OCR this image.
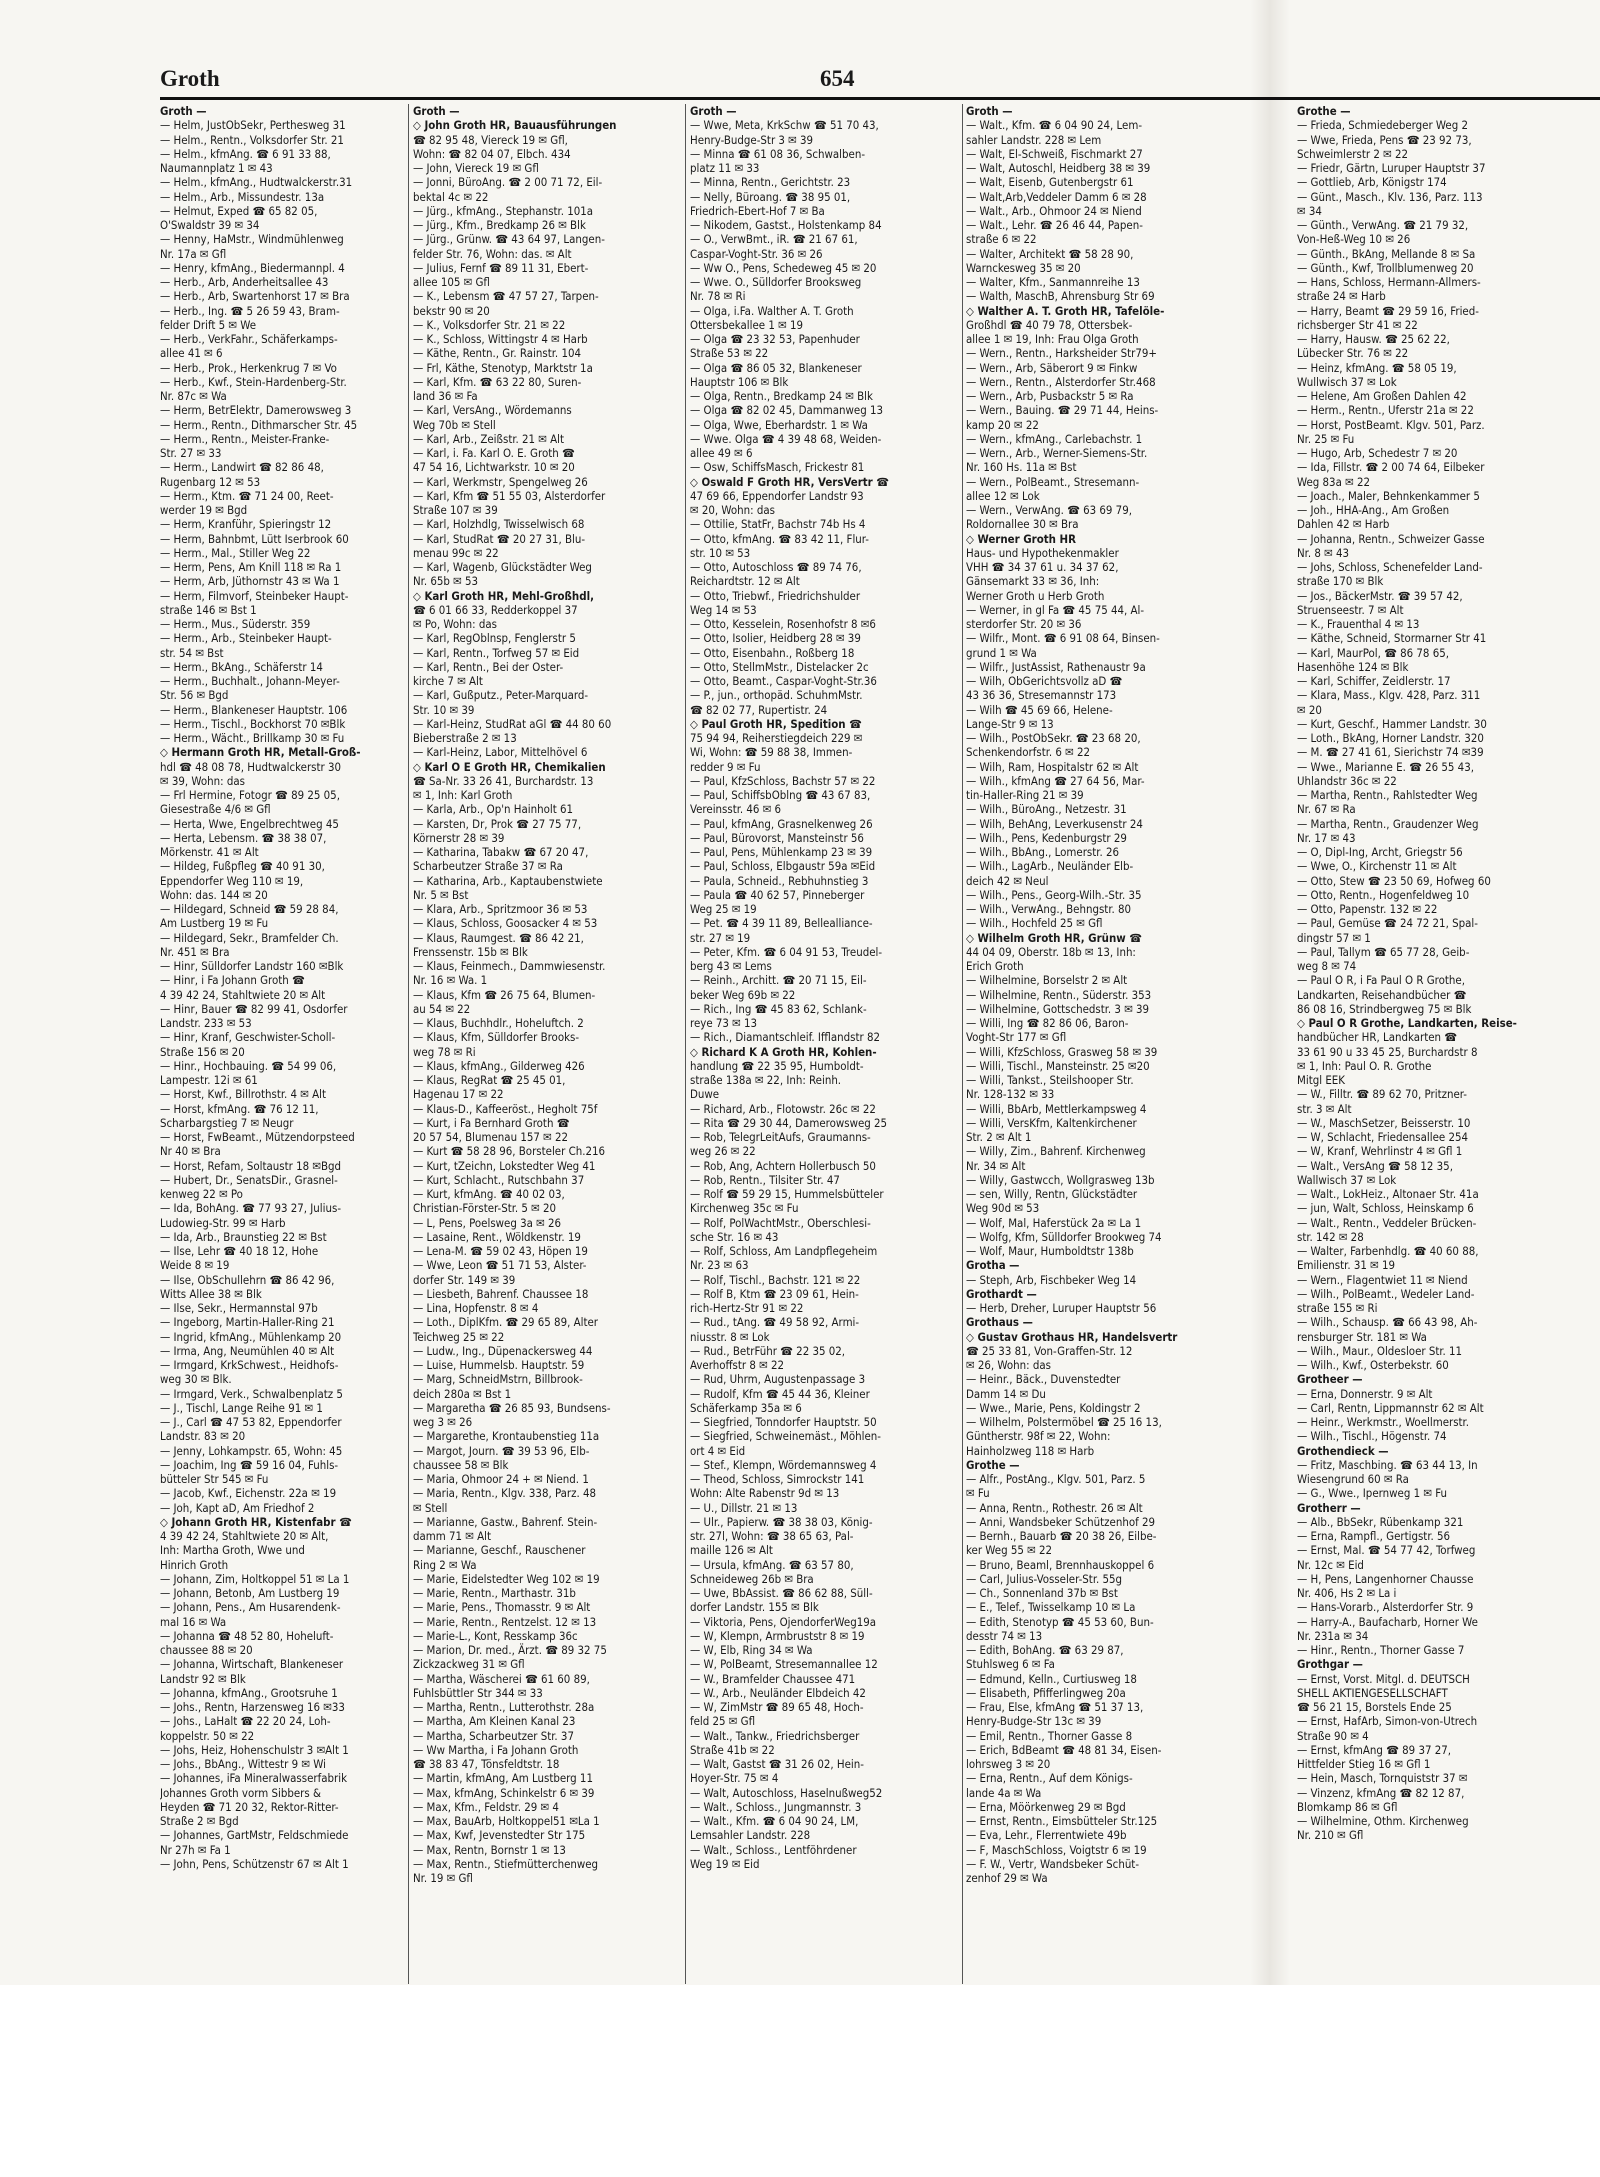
Groth	654
Groth —
— Helm, JustObSekr, Perthesweg 31
— Helm., Rentn., Volksdorfer Str. 21
— Helm., kfmAng. ☎ 6 91 33 88,
Naumannplatz 1 ✉ 43
— Helm., kfmAng., Hudtwalckerstr.31
— Helm., Arb., Missundestr. 13a
— Helmut, Exped ☎ 65 82 05,
O'Swaldstr 39 ✉ 34
— Henny, HaMstr., Windmühlenweg
Nr. 17a ✉ Gfl
— Henry, kfmAng., Biedermannpl. 4
— Herb., Arb, Anderheitsallee 43
— Herb., Arb, Swartenhorst 17 ✉ Bra
— Herb., Ing. ☎ 5 26 59 43, Bram-
felder Drift 5 ✉ We
— Herb., VerkFahr., Schäferkamps-
allee 41 ✉ 6
— Herb., Prok., Herkenkrug 7 ✉ Vo
— Herb., Kwf., Stein-Hardenberg-Str.
Nr. 87c ✉ Wa
— Herm, BetrElektr, Damerowsweg 3
— Herm., Rentn., Dithmarscher Str. 45
— Herm., Rentn., Meister-Franke-
Str. 27 ✉ 33
— Herm., Landwirt ☎ 82 86 48,
Rugenbarg 12 ✉ 53
— Herm., Ktm. ☎ 71 24 00, Reet-
werder 19 ✉ Bgd
— Herm, Kranführ, Spieringstr 12
— Herm, Bahnbmt, Lütt Iserbrook 60
— Herm., Mal., Stiller Weg 22
— Herm, Pens, Am Knill 118 ✉ Ra 1
— Herm, Arb, Jüthornstr 43 ✉ Wa 1
— Herm, Filmvorf, Steinbeker Haupt-
straße 146 ✉ Bst 1
— Herm., Mus., Süderstr. 359
— Herm., Arb., Steinbeker Haupt-
str. 54 ✉ Bst
— Herm., BkAng., Schäferstr 14
— Herm., Buchhalt., Johann-Meyer-
Str. 56 ✉ Bgd
— Herm., Blankeneser Hauptstr. 106
— Herm., Tischl., Bockhorst 70 ✉Blk
— Herm., Wächt., Brillkamp 30 ✉ Fu
◇ Hermann Groth HR, Metall-Groß-
hdl ☎ 48 08 78, Hudtwalckerstr 30
✉ 39, Wohn: das
— Frl Hermine, Fotogr ☎ 89 25 05,
Giesestraße 4/6 ✉ Gfl
— Herta, Wwe, Engelbrechtweg 45
— Herta, Lebensm. ☎ 38 38 07,
Mörkenstr. 41 ✉ Alt
— Hildeg, Fußpfleg ☎ 40 91 30,
Eppendorfer Weg 110 ✉ 19,
Wohn: das. 144 ✉ 20
— Hildegard, Schneid ☎ 59 28 84,
Am Lustberg 19 ✉ Fu
— Hildegard, Sekr., Bramfelder Ch.
Nr. 451 ✉ Bra
— Hinr, Sülldorfer Landstr 160 ✉Blk
— Hinr, i Fa Johann Groth ☎
4 39 42 24, Stahltwiete 20 ✉ Alt
— Hinr, Bauer ☎ 82 99 41, Osdorfer
Landstr. 233 ✉ 53
— Hinr, Kranf, Geschwister-Scholl-
Straße 156 ✉ 20
— Hinr., Hochbauing. ☎ 54 99 06,
Lampestr. 12i ✉ 61
— Horst, Kwf., Billrothstr. 4 ✉ Alt
— Horst, kfmAng. ☎ 76 12 11,
Scharbargstieg 7 ✉ Neugr
— Horst, FwBeamt., Mützendorpsteed
Nr 40 ✉ Bra
— Horst, Refam, Soltaustr 18 ✉Bgd
— Hubert, Dr., SenatsDir., Grasnel-
kenweg 22 ✉ Po
— Ida, BohAng. ☎ 77 93 27, Julius-
Ludowieg-Str. 99 ✉ Harb
— Ida, Arb., Braunstieg 22 ✉ Bst
— Ilse, Lehr ☎ 40 18 12, Hohe
Weide 8 ✉ 19
— Ilse, ObSchullehrn ☎ 86 42 96,
Witts Allee 38 ✉ Blk
— Ilse, Sekr., Hermannstal 97b
— Ingeborg, Martin-Haller-Ring 21
— Ingrid, kfmAng., Mühlenkamp 20
— Irma, Ang, Neumühlen 40 ✉ Alt
— Irmgard, KrkSchwest., Heidhofs-
weg 30 ✉ Blk.
— Irmgard, Verk., Schwalbenplatz 5
— J., Tischl, Lange Reihe 91 ✉ 1
— J., Carl ☎ 47 53 82, Eppendorfer
Landstr. 83 ✉ 20
— Jenny, Lohkampstr. 65, Wohn: 45
— Joachim, Ing ☎ 59 16 04, Fuhls-
bütteler Str 545 ✉ Fu
— Jacob, Kwf., Eichenstr. 22a ✉ 19
— Joh, Kapt aD, Am Friedhof 2
◇ Johann Groth HR, Kistenfabr ☎
4 39 42 24, Stahltwiete 20 ✉ Alt,
Inh: Martha Groth, Wwe und
Hinrich Groth
— Johann, Zim, Holtkoppel 51 ✉ La 1
— Johann, Betonb, Am Lustberg 19
— Johann, Pens., Am Husarendenk-
mal 16 ✉ Wa
— Johanna ☎ 48 52 80, Hoheluft-
chaussee 88 ✉ 20
— Johanna, Wirtschaft, Blankeneser
Landstr 92 ✉ Blk
— Johanna, kfmAng., Grootsruhe 1
— Johs., Rentn, Harzensweg 16 ✉33
— Johs., LaHalt ☎ 22 20 24, Loh-
koppelstr. 50 ✉ 22
— Johs, Heiz, Hohenschulstr 3 ✉Alt 1
— Johs., BbAng., Wittestr 9 ✉ Wi
— Johannes, iFa Mineralwasserfabrik
Johannes Groth vorm Sibbers &
Heyden ☎ 71 20 32, Rektor-Ritter-
Straße 2 ✉ Bgd
— Johannes, GartMstr, Feldschmiede
Nr 27h ✉ Fa 1
— John, Pens, Schützenstr 67 ✉ Alt 1
Groth —
◇ John Groth HR, Bauausführungen
☎ 82 95 48, Viereck 19 ✉ Gfl,
Wohn: ☎ 82 04 07, Elbch. 434
— John, Viereck 19 ✉ Gfl
— Jonni, BüroAng. ☎ 2 00 71 72, Eil-
bektal 4c ✉ 22
— Jürg., kfmAng., Stephanstr. 101a
— Jürg., Kfm., Bredkamp 26 ✉ Blk
— Jürg., Grünw. ☎ 43 64 97, Langen-
felder Str. 76, Wohn: das. ✉ Alt
— Julius, Fernf ☎ 89 11 31, Ebert-
allee 105 ✉ Gfl
— K., Lebensm ☎ 47 57 27, Tarpen-
bekstr 90 ✉ 20
— K., Volksdorfer Str. 21 ✉ 22
— K., Schloss, Wittingstr 4 ✉ Harb
— Käthe, Rentn., Gr. Rainstr. 104
— Frl, Käthe, Stenotyp, Marktstr 1a
— Karl, Kfm. ☎ 63 22 80, Suren-
land 36 ✉ Fa
— Karl, VersAng., Wördemanns
Weg 70b ✉ Stell
— Karl, Arb., Zeißstr. 21 ✉ Alt
— Karl, i. Fa. Karl O. E. Groth ☎
47 54 16, Lichtwarkstr. 10 ✉ 20
— Karl, Werkmstr, Spengelweg 26
— Karl, Kfm ☎ 51 55 03, Alsterdorfer
Straße 107 ✉ 39
— Karl, Holzhdlg, Twisselwisch 68
— Karl, StudRat ☎ 20 27 31, Blu-
menau 99c ✉ 22
— Karl, Wagenb, Glückstädter Weg
Nr. 65b ✉ 53
◇ Karl Groth HR, Mehl-Großhdl,
☎ 6 01 66 33, Redderkoppel 37
✉ Po, Wohn: das
— Karl, RegOblnsp, Fenglerstr 5
— Karl, Rentn., Torfweg 57 ✉ Eid
— Karl, Rentn., Bei der Oster-
kirche 7 ✉ Alt
— Karl, Gußputz., Peter-Marquard-
Str. 10 ✉ 39
— Karl-Heinz, StudRat aGl ☎ 44 80 60
Bieberstraße 2 ✉ 13
— Karl-Heinz, Labor, Mittelhövel 6
◇ Karl O E Groth HR, Chemikalien
☎ Sa-Nr. 33 26 41, Burchardstr. 13
✉ 1, Inh: Karl Groth
— Karla, Arb., Op'n Hainholt 61
— Karsten, Dr, Prok ☎ 27 75 77,
Körnerstr 28 ✉ 39
— Katharina, Tabakw ☎ 67 20 47,
Scharbeutzer Straße 37 ✉ Ra
— Katharina, Arb., Kaptaubenstwiete
Nr. 5 ✉ Bst
— Klara, Arb., Spritzmoor 36 ✉ 53
— Klaus, Schloss, Goosacker 4 ✉ 53
— Klaus, Raumgest. ☎ 86 42 21,
Frenssenstr. 15b ✉ Blk
— Klaus, Feinmech., Dammwiesenstr.
Nr. 16 ✉ Wa. 1
— Klaus, Kfm ☎ 26 75 64, Blumen-
au 54 ✉ 22
— Klaus, Buchhdlr., Hoheluftch. 2
— Klaus, Kfm, Sülldorfer Brooks-
weg 78 ✉ Ri
— Klaus, kfmAng., Gilderweg 426
— Klaus, RegRat ☎ 25 45 01,
Hagenau 17 ✉ 22
— Klaus-D., Kaffeeröst., Hegholt 75f
— Kurt, i Fa Bernhard Groth ☎
20 57 54, Blumenau 157 ✉ 22
— Kurt ☎ 58 28 96, Borsteler Ch.216
— Kurt, tZeichn, Lokstedter Weg 41
— Kurt, Schlacht., Rutschbahn 37
— Kurt, kfmAng. ☎ 40 02 03,
Christian-Förster-Str. 5 ✉ 20
— L, Pens, Poelsweg 3a ✉ 26
— Lasaine, Rent., Wöldkenstr. 19
— Lena-M. ☎ 59 02 43, Höpen 19
— Wwe, Leon ☎ 51 71 53, Alster-
dorfer Str. 149 ✉ 39
— Liesbeth, Bahrenf. Chaussee 18
— Lina, Hopfenstr. 8 ✉ 4
— Loth., DiplKfm. ☎ 29 65 89, Alter
Teichweg 25 ✉ 22
— Ludw., Ing., Düpenackersweg 44
— Luise, Hummelsb. Hauptstr. 59
— Marg, SchneidMstrn, Billbrook-
deich 280a ✉ Bst 1
— Margaretha ☎ 26 85 93, Bundsens-
weg 3 ✉ 26
— Margarethe, Krontaubenstieg 11a
— Margot, Journ. ☎ 39 53 96, Elb-
chaussee 58 ✉ Blk
— Maria, Ohmoor 24 + ✉ Niend. 1
— Maria, Rentn., Klgv. 338, Parz. 48
✉ Stell
— Marianne, Gastw., Bahrenf. Stein-
damm 71 ✉ Alt
— Marianne, Geschf., Rauschener
Ring 2 ✉ Wa
— Marie, Eidelstedter Weg 102 ✉ 19
— Marie, Rentn., Marthastr. 31b
— Marie, Pens., Thomasstr. 9 ✉ Alt
— Marie, Rentn., Rentzelst. 12 ✉ 13
— Marie-L., Kont, Resskamp 36c
— Marion, Dr. med., Ärzt. ☎ 89 32 75
Zickzackweg 31 ✉ Gfl
— Martha, Wäscherei ☎ 61 60 89,
Fuhlsbüttler Str 344 ✉ 33
— Martha, Rentn., Lutterothstr. 28a
— Martha, Am Kleinen Kanal 23
— Martha, Scharbeutzer Str. 37
— Ww Martha, i Fa Johann Groth
☎ 38 83 47, Tönsfeldtstr. 18
— Martin, kfmAng, Am Lustberg 11
— Max, kfmAng, Schinkelstr 6 ✉ 39
— Max, Kfm., Feldstr. 29 ✉ 4
— Max, BauArb, Holtkoppel51 ✉La 1
— Max, Kwf, Jevenstedter Str 175
— Max, Rentn, Bornstr 1 ✉ 13
— Max, Rentn., Stiefmütterchenweg
Nr. 19 ✉ Gfl
Groth —
— Wwe, Meta, KrkSchw ☎ 51 70 43,
Henry-Budge-Str 3 ✉ 39
— Minna ☎ 61 08 36, Schwalben-
platz 11 ✉ 33
— Minna, Rentn., Gerichtstr. 23
— Nelly, Büroang. ☎ 38 95 01,
Friedrich-Ebert-Hof 7 ✉ Ba
— Nikodem, Gastst., Holstenkamp 84
— O., VerwBmt., iR. ☎ 21 67 61,
Caspar-Voght-Str. 36 ✉ 26
— Ww O., Pens, Schedeweg 45 ✉ 20
— Wwe. O., Sülldorfer Brooksweg
Nr. 78 ✉ Ri
— Olga, i.Fa. Walther A. T. Groth
Ottersbekallee 1 ✉ 19
— Olga ☎ 23 32 53, Papenhuder
Straße 53 ✉ 22
— Olga ☎ 86 05 32, Blankeneser
Hauptstr 106 ✉ Blk
— Olga, Rentn., Bredkamp 24 ✉ Blk
— Olga ☎ 82 02 45, Dammanweg 13
— Olga, Wwe, Eberhardstr. 1 ✉ Wa
— Wwe. Olga ☎ 4 39 48 68, Weiden-
allee 49 ✉ 6
— Osw, SchiffsMasch, Frickestr 81
◇ Oswald F Groth HR, VersVertr ☎
47 69 66, Eppendorfer Landstr 93
✉ 20, Wohn: das
— Ottilie, StatFr, Bachstr 74b Hs 4
— Otto, kfmAng. ☎ 83 42 11, Flur-
str. 10 ✉ 53
— Otto, Autoschloss ☎ 89 74 76,
Reichardtstr. 12 ✉ Alt
— Otto, Triebwf., Friedrichshulder
Weg 14 ✉ 53
— Otto, Kesselein, Rosenhofstr 8 ✉6
— Otto, Isolier, Heidberg 28 ✉ 39
— Otto, Eisenbahn., Roßberg 18
— Otto, StellmMstr., Distelacker 2c
— Otto, Beamt., Caspar-Voght-Str.36
— P., jun., orthopäd. SchuhmMstr.
☎ 82 02 77, Rupertistr. 24
◇ Paul Groth HR, Spedition ☎
75 94 94, Reiherstiegdeich 229 ✉
Wi, Wohn: ☎ 59 88 38, Immen-
redder 9 ✉ Fu
— Paul, KfzSchloss, Bachstr 57 ✉ 22
— Paul, SchiffsbOblng ☎ 43 67 83,
Vereinsstr. 46 ✉ 6
— Paul, kfmAng, Grasnelkenweg 26
— Paul, Bürovorst, Mansteinstr 56
— Paul, Pens, Mühlenkamp 23 ✉ 39
— Paul, Schloss, Elbgaustr 59a ✉Eid
— Paula, Schneid., Rebhuhnstieg 3
— Paula ☎ 40 62 57, Pinneberger
Weg 25 ✉ 19
— Pet. ☎ 4 39 11 89, Bellealliance-
str. 27 ✉ 19
— Peter, Kfm. ☎ 6 04 91 53, Treudel-
berg 43 ✉ Lems
— Reinh., Architt. ☎ 20 71 15, Eil-
beker Weg 69b ✉ 22
— Rich., Ing ☎ 45 83 62, Schlank-
reye 73 ✉ 13
— Rich., Diamantschleif. Ifflandstr 82
◇ Richard K A Groth HR, Kohlen-
handlung ☎ 22 35 95, Humboldt-
straße 138a ✉ 22, Inh: Reinh.
Duwe
— Richard, Arb., Flotowstr. 26c ✉ 22
— Rita ☎ 29 30 44, Damerowsweg 25
— Rob, TelegrLeitAufs, Graumanns-
weg 26 ✉ 22
— Rob, Ang, Achtern Hollerbusch 50
— Rob, Rentn., Tilsiter Str. 47
— Rolf ☎ 59 29 15, Hummelsbütteler
Kirchenweg 35c ✉ Fu
— Rolf, PolWachtMstr., Oberschlesi-
sche Str. 16 ✉ 43
— Rolf, Schloss, Am Landpflegeheim
Nr. 23 ✉ 63
— Rolf, Tischl., Bachstr. 121 ✉ 22
— Rolf B, Ktm ☎ 23 09 61, Hein-
rich-Hertz-Str 91 ✉ 22
— Rud., tAng. ☎ 49 58 92, Armi-
niusstr. 8 ✉ Lok
— Rud., BetrFühr ☎ 22 35 02,
Averhoffstr 8 ✉ 22
— Rud, Uhrm, Augustenpassage 3
— Rudolf, Kfm ☎ 45 44 36, Kleiner
Schäferkamp 35a ✉ 6
— Siegfried, Tonndorfer Hauptstr. 50
— Siegfried, Schweinemäst., Möhlen-
ort 4 ✉ Eid
— Stef., Klempn, Wördemannsweg 4
— Theod, Schloss, Simrockstr 141
Wohn: Alte Rabenstr 9d ✉ 13
— U., Dillstr. 21 ✉ 13
— Ulr., Papierw. ☎ 38 38 03, König-
str. 27l, Wohn: ☎ 38 65 63, Pal-
maille 126 ✉ Alt
— Ursula, kfmAng. ☎ 63 57 80,
Schneideweg 26b ✉ Bra
— Uwe, BbAssist. ☎ 86 62 88, Süll-
dorfer Landstr. 155 ✉ Blk
— Viktoria, Pens, OjendorferWeg19a
— W, Klempn, Armbruststr 8 ✉ 19
— W, Elb, Ring 34 ✉ Wa
— W, PolBeamt, Stresemannallee 12
— W., Bramfelder Chaussee 471
— W., Arb., Neuländer Elbdeich 42
— W, ZimMstr ☎ 89 65 48, Hoch-
feld 25 ✉ Gfl
— Walt., Tankw., Friedrichsberger
Straße 41b ✉ 22
— Walt, Gastst ☎ 31 26 02, Hein-
Hoyer-Str. 75 ✉ 4
— Walt, Autoschloss, Haselnußweg52
— Walt., Schloss., Jungmannstr. 3
— Walt., Kfm. ☎ 6 04 90 24, LM,
Lemsahler Landstr. 228
— Walt., Schloss., Lentföhrdener
Weg 19 ✉ Eid
Groth —
— Walt., Kfm. ☎ 6 04 90 24, Lem-
sahler Landstr. 228 ✉ Lem
— Walt, El-Schweiß, Fischmarkt 27
— Walt, Autoschl, Heidberg 38 ✉ 39
— Walt, Eisenb, Gutenbergstr 61
— Walt,Arb,Veddeler Damm 6 ✉ 28
— Walt., Arb., Ohmoor 24 ✉ Niend
— Walt., Lehr. ☎ 26 46 44, Papen-
straße 6 ✉ 22
— Walter, Architekt ☎ 58 28 90,
Warnckesweg 35 ✉ 20
— Walter, Kfm., Sanmannreihe 13
— Walth, MaschB, Ahrensburg Str 69
◇ Walther A. T. Groth HR, Tafelöle-
Großhdl ☎ 40 79 78, Ottersbek-
allee 1 ✉ 19, Inh: Frau Olga Groth
— Wern., Rentn., Harksheider Str79+
— Wern., Arb, Säberort 9 ✉ Finkw
— Wern., Rentn., Alsterdorfer Str.468
— Wern., Arb, Pusbackstr 5 ✉ Ra
— Wern., Bauing. ☎ 29 71 44, Heins-
kamp 20 ✉ 22
— Wern., kfmAng., Carlebachstr. 1
— Wern., Arb., Werner-Siemens-Str.
Nr. 160 Hs. 11a ✉ Bst
— Wern., PolBeamt., Stresemann-
allee 12 ✉ Lok
— Wern., VerwAng. ☎ 63 69 79,
Roldornallee 30 ✉ Bra
◇ Werner Groth HR
Haus- und Hypothekenmakler
VHH ☎ 34 37 61 u. 34 37 62,
Gänsemarkt 33 ✉ 36, Inh:
Werner Groth u Herb Groth
— Werner, in gl Fa ☎ 45 75 44, Al-
sterdorfer Str. 20 ✉ 36
— Wilfr., Mont. ☎ 6 91 08 64, Binsen-
grund 1 ✉ Wa
— Wilfr., JustAssist, Rathenaustr 9a
— Wilh, ObGerichtsvollz aD ☎
43 36 36, Stresemannstr 173
— Wilh ☎ 45 69 66, Helene-
Lange-Str 9 ✉ 13
— Wilh., PostObSekr. ☎ 23 68 20,
Schenkendorfstr. 6 ✉ 22
— Wilh, Ram, Hospitalstr 62 ✉ Alt
— Wilh., kfmAng ☎ 27 64 56, Mar-
tin-Haller-Ring 21 ✉ 39
— Wilh., BüroAng., Netzestr. 31
— Wilh, BehAng, Leverkusenstr 24
— Wilh., Pens, Kedenburgstr 29
— Wilh., BbAng., Lomerstr. 26
— Wilh., LagArb., Neuländer Elb-
deich 42 ✉ Neul
— Wilh., Pens., Georg-Wilh.-Str. 35
— Wilh., VerwAng., Behngstr. 80
— Wilh., Hochfeld 25 ✉ Gfl
◇ Wilhelm Groth HR, Grünw ☎
44 04 09, Oberstr. 18b ✉ 13, Inh:
Erich Groth
— Wilhelmine, Borselstr 2 ✉ Alt
— Wilhelmine, Rentn., Süderstr. 353
— Wilhelmine, Gottschedstr. 3 ✉ 39
— Willi, Ing ☎ 82 86 06, Baron-
Voght-Str 177 ✉ Gfl
— Willi, KfzSchloss, Grasweg 58 ✉ 39
— Willi, Tischl., Mansteinstr. 25 ✉20
— Willi, Tankst., Steilshooper Str.
Nr. 128-132 ✉ 33
— Willi, BbArb, Mettlerkampsweg 4
— Willi, VersKfm, Kaltenkirchener
Str. 2 ✉ Alt 1
— Willy, Zim., Bahrenf. Kirchenweg
Nr. 34 ✉ Alt
— Willy, Gastwcch, Wollgrasweg 13b
— sen, Willy, Rentn, Glückstädter
Weg 90d ✉ 53
— Wolf, Mal, Haferstück 2a ✉ La 1
— Wolfg, Kfm, Sülldorfer Brookweg 74
— Wolf, Maur, Humboldtstr 138b
Grotha —
— Steph, Arb, Fischbeker Weg 14
Grothardt —
— Herb, Dreher, Luruper Hauptstr 56
Grothaus —
◇ Gustav Grothaus HR, Handelsvertr
☎ 25 33 81, Von-Graffen-Str. 12
✉ 26, Wohn: das
— Heinr., Bäck., Duvenstedter
Damm 14 ✉ Du
— Wwe., Marie, Pens, Koldingstr 2
— Wilhelm, Polstermöbel ☎ 25 16 13,
Güntherstr. 98f ✉ 22, Wohn:
Hainholzweg 118 ✉ Harb
Grothe —
— Alfr., PostAng., Klgv. 501, Parz. 5
✉ Fu
— Anna, Rentn., Rothestr. 26 ✉ Alt
— Anni, Wandsbeker Schützenhof 29
— Bernh., Bauarb ☎ 20 38 26, Eilbe-
ker Weg 55 ✉ 22
— Bruno, Beaml, Brennhauskoppel 6
— Carl, Julius-Vosseler-Str. 55g
— Ch., Sonnenland 37b ✉ Bst
— E., Telef., Twisselkamp 10 ✉ La
— Edith, Stenotyp ☎ 45 53 60, Bun-
desstr 74 ✉ 13
— Edith, BohAng. ☎ 63 29 87,
Stuhlsweg 6 ✉ Fa
— Edmund, Kelln., Curtiusweg 18
— Elisabeth, Pfifferlingweg 20a
— Frau, Else, kfmAng ☎ 51 37 13,
Henry-Budge-Str 13c ✉ 39
— Emil, Rentn., Thorner Gasse 8
— Erich, BdBeamt ☎ 48 81 34, Eisen-
lohrsweg 3 ✉ 20
— Erna, Rentn., Auf dem Königs-
lande 4a ✉ Wa
— Erna, Möörkenweg 29 ✉ Bgd
— Ernst, Rentn., Eimsbütteler Str.125
— Eva, Lehr., Flerrentwiete 49b
— F, MaschSchloss, Voigtstr 6 ✉ 19
— F. W., Vertr, Wandsbeker Schüt-
zenhof 29 ✉ Wa
Grothe —
— Frieda, Schmiedeberger Weg 2
— Wwe, Frieda, Pens ☎ 23 92 73,
Schweimlerstr 2 ✉ 22
— Friedr, Gärtn, Luruper Hauptstr 37
— Gottlieb, Arb, Königstr 174
— Günt., Masch., Klv. 136, Parz. 113
✉ 34
— Günth., VerwAng. ☎ 21 79 32,
Von-Heß-Weg 10 ✉ 26
— Günth., BkAng, Mellande 8 ✉ Sa
— Günth., Kwf, Trollblumenweg 20
— Hans, Schloss, Hermann-Allmers-
straße 24 ✉ Harb
— Harry, Beamt ☎ 29 59 16, Fried-
richsberger Str 41 ✉ 22
— Harry, Hausw. ☎ 25 62 22,
Lübecker Str. 76 ✉ 22
— Heinz, kfmAng. ☎ 58 05 19,
Wullwisch 37 ✉ Lok
— Helene, Am Großen Dahlen 42
— Herm., Rentn., Uferstr 21a ✉ 22
— Horst, PostBeamt. Klgv. 501, Parz.
Nr. 25 ✉ Fu
— Hugo, Arb, Schedestr 7 ✉ 20
— Ida, Fillstr. ☎ 2 00 74 64, Eilbeker
Weg 83a ✉ 22
— Joach., Maler, Behnkenkammer 5
— Joh., HHA-Ang., Am Großen
Dahlen 42 ✉ Harb
— Johanna, Rentn., Schweizer Gasse
Nr. 8 ✉ 43
— Johs, Schloss, Schenefelder Land-
straße 170 ✉ Blk
— Jos., BäckerMstr. ☎ 39 57 42,
Struenseestr. 7 ✉ Alt
— K., Frauenthal 4 ✉ 13
— Käthe, Schneid, Stormarner Str 41
— Karl, MaurPol, ☎ 86 78 65,
Hasenhöhe 124 ✉ Blk
— Karl, Schiffer, Zeidlerstr. 17
— Klara, Mass., Klgv. 428, Parz. 311
✉ 20
— Kurt, Geschf., Hammer Landstr. 30
— Loth., BkAng, Horner Landstr. 320
— M. ☎ 27 41 61, Sierichstr 74 ✉39
— Wwe., Marianne E. ☎ 26 55 43,
Uhlandstr 36c ✉ 22
— Martha, Rentn., Rahlstedter Weg
Nr. 67 ✉ Ra
— Martha, Rentn., Graudenzer Weg
Nr. 17 ✉ 43
— O, Dipl-Ing, Archt, Griegstr 56
— Wwe, O., Kirchenstr 11 ✉ Alt
— Otto, Stew ☎ 23 50 69, Hofweg 60
— Otto, Rentn., Hogenfeldweg 10
— Otto, Papenstr. 132 ✉ 22
— Paul, Gemüse ☎ 24 72 21, Spal-
dingstr 57 ✉ 1
— Paul, Tallym ☎ 65 77 28, Geib-
weg 8 ✉ 74
— Paul O R, i Fa Paul O R Grothe,
Landkarten, Reisehandbücher ☎
86 08 16, Strindbergweg 75 ✉ Blk
◇ Paul O R Grothe, Landkarten, Reise-
handbücher HR, Landkarten ☎
33 61 90 u 33 45 25, Burchardstr 8
✉ 1, Inh: Paul O. R. Grothe
Mitgl EEK
— W., Filltr. ☎ 89 62 70, Pritzner-
str. 3 ✉ Alt
— W., MaschSetzer, Beisserstr. 10
— W, Schlacht, Friedensallee 254
— W, Kranf, Wehrlinstr 4 ✉ Gfl 1
— Walt., VersAng ☎ 58 12 35,
Wallwisch 37 ✉ Lok
— Walt., LokHeiz., Altonaer Str. 41a
— jun, Walt, Schloss, Heinskamp 6
— Walt., Rentn., Veddeler Brücken-
str. 142 ✉ 28
— Walter, Farbenhdlg. ☎ 40 60 88,
Emilienstr. 31 ✉ 19
— Wern., Flagentwiet 11 ✉ Niend
— Wilh., PolBeamt., Wedeler Land-
straße 155 ✉ Ri
— Wilh., Schausp. ☎ 66 43 98, Ah-
rensburger Str. 181 ✉ Wa
— Wilh., Maur., Oldesloer Str. 11
— Wilh., Kwf., Osterbekstr. 60
Grotheer —
— Erna, Donnerstr. 9 ✉ Alt
— Carl, Rentn, Lippmannstr 62 ✉ Alt
— Heinr., Werkmstr., Woellmerstr.
— Wilh., Tischl., Högenstr. 74
Grothendieck —
— Fritz, Maschbing. ☎ 63 44 13, In
Wiesengrund 60 ✉ Ra
— G., Wwe., Ipernweg 1 ✉ Fu
Grotherr —
— Alb., BbSekr, Rübenkamp 321
— Erna, Rampfl., Gertigstr. 56
— Ernst, Mal. ☎ 54 77 42, Torfweg
Nr. 12c ✉ Eid
— H, Pens, Langenhorner Chausse
Nr. 406, Hs 2 ✉ La i
— Hans-Vorarb., Alsterdorfer Str. 9
— Harry-A., Baufacharb, Horner We
Nr. 231a ✉ 34
— Hinr., Rentn., Thorner Gasse 7
Grothgar —
— Ernst, Vorst. Mitgl. d. DEUTSCH
SHELL AKTIENGESELLSCHAFT
☎ 56 21 15, Borstels Ende 25
— Ernst, HafArb, Simon-von-Utrech
Straße 90 ✉ 4
— Ernst, kfmAng ☎ 89 37 27,
Hittfelder Stieg 16 ✉ Gfl 1
— Hein, Masch, Tornquiststr 37 ✉
— Vinzenz, kfmAng ☎ 82 12 87,
Blomkamp 86 ✉ Gfl
— Wilhelmine, Othm. Kirchenweg
Nr. 210 ✉ Gfl
